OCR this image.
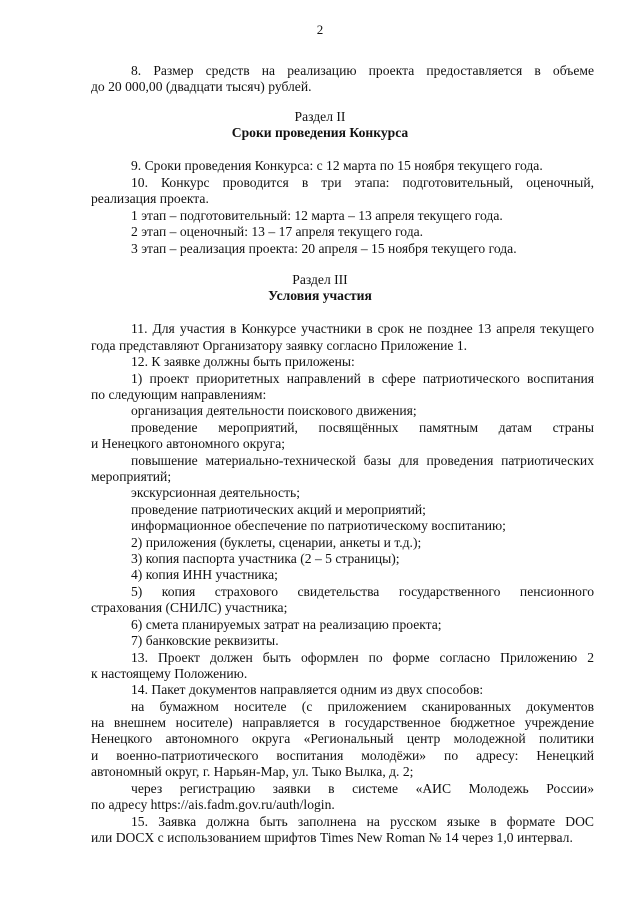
2
8. Размер средств на реализацию проекта предоставляется в объеме
до 20 000,00 (двадцати тысяч) рублей.
Раздел II
Сроки проведения Конкурса
9. Сроки проведения Конкурса: с 12 марта по 15 ноября текущего года.
10. Конкурс проводится в три этапа: подготовительный, оценочный,
реализация проекта.
1 этап – подготовительный: 12 марта – 13 апреля текущего года.
2 этап – оценочный: 13 – 17 апреля текущего года.
3 этап – реализация проекта: 20 апреля – 15 ноября текущего года.
Раздел III
Условия участия
11. Для участия в Конкурсе участники в срок не позднее 13 апреля текущего
года представляют Организатору заявку согласно Приложение 1.
12. К заявке должны быть приложены:
1) проект приоритетных направлений в сфере патриотического воспитания
по следующим направлениям:
организация деятельности поискового движения;
проведение мероприятий, посвящённых памятным датам страны
и Ненецкого автономного округа;
повышение материально-технической базы для проведения патриотических
мероприятий;
экскурсионная деятельность;
проведение патриотических акций и мероприятий;
информационное обеспечение по патриотическому воспитанию;
2) приложения (буклеты, сценарии, анкеты и т.д.);
3) копия паспорта участника (2 – 5 страницы);
4) копия ИНН участника;
5) копия страхового свидетельства государственного пенсионного
страхования (СНИЛС) участника;
6) смета планируемых затрат на реализацию проекта;
7) банковские реквизиты.
13. Проект должен быть оформлен по форме согласно Приложению 2
к настоящему Положению.
14. Пакет документов направляется одним из двух способов:
на бумажном носителе (с приложением сканированных документов
на внешнем носителе) направляется в государственное бюджетное учреждение
Ненецкого автономного округа «Региональный центр молодежной политики
и военно-патриотического воспитания молодёжи» по адресу: Ненецкий
автономный округ, г. Нарьян-Мар, ул. Тыко Вылка, д. 2;
через регистрацию заявки в системе «АИС Молодежь России»
по адресу https://ais.fadm.gov.ru/auth/login.
15. Заявка должна быть заполнена на русском языке в формате DOC
или DOCX с использованием шрифтов Times New Roman № 14 через 1,0 интервал.
